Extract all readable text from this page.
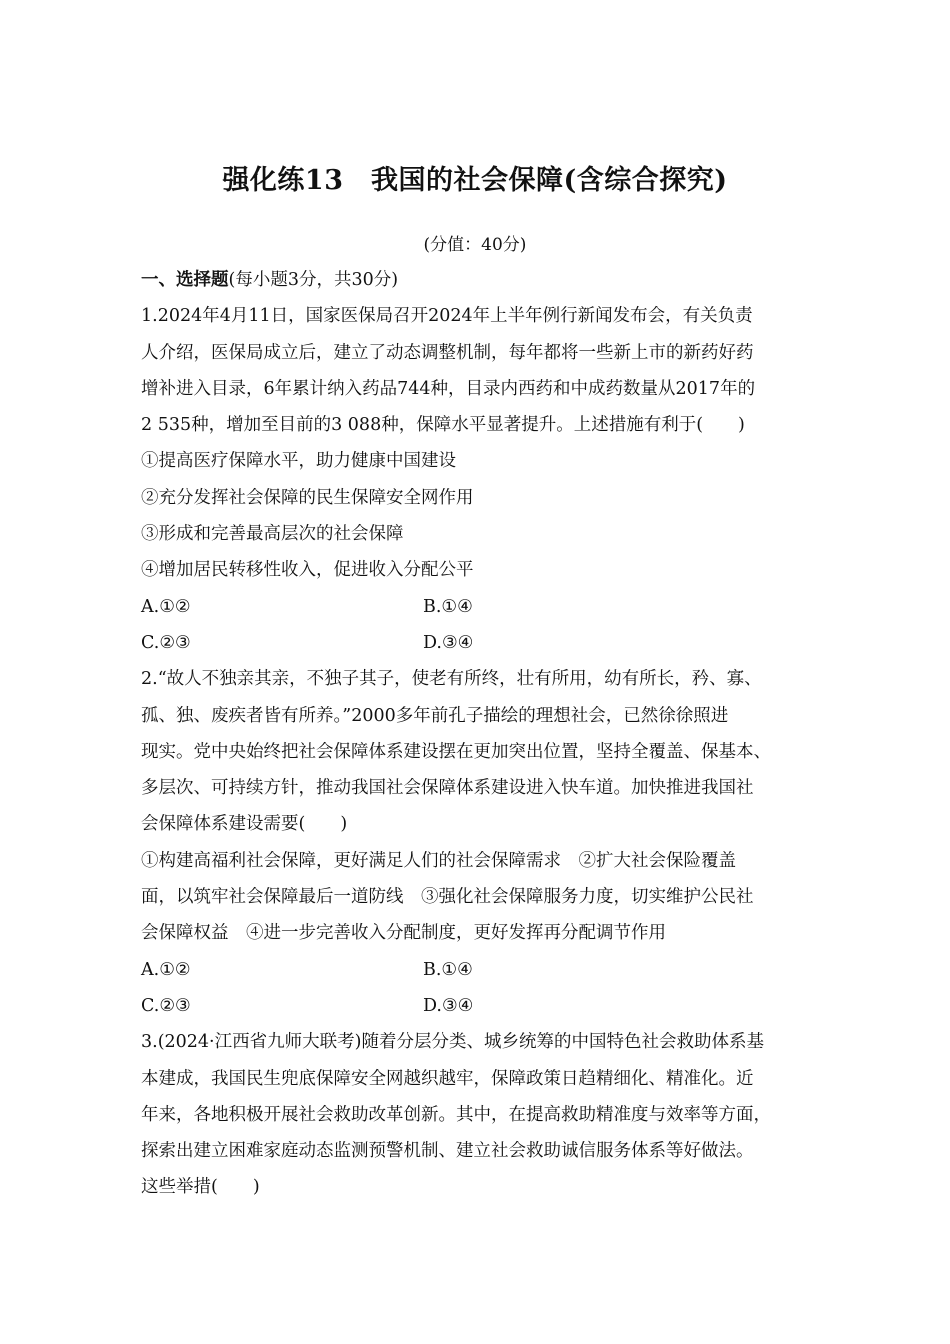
强化练13　我国的社会保障(含综合探究)
(分值：40分)
一、选择题(每小题3分，共30分)
1.2024年4月11日，国家医保局召开2024年上半年例行新闻发布会，有关负责
人介绍，医保局成立后，建立了动态调整机制，每年都将一些新上市的新药好药
增补进入目录，6年累计纳入药品744种，目录内西药和中成药数量从2017年的
2 535种，增加至目前的3 088种，保障水平显著提升。上述措施有利于(　　)
①提高医疗保障水平，助力健康中国建设
②充分发挥社会保障的民生保障安全网作用
③形成和完善最高层次的社会保障
④增加居民转移性收入，促进收入分配公平
A.①②	B.①④
C.②③	D.③④
2.“故人不独亲其亲，不独子其子，使老有所终，壮有所用，幼有所长，矜、寡、
孤、独、废疾者皆有所养。”2000多年前孔子描绘的理想社会，已然徐徐照进
现实。党中央始终把社会保障体系建设摆在更加突出位置，坚持全覆盖、保基本、
多层次、可持续方针，推动我国社会保障体系建设进入快车道。加快推进我国社
会保障体系建设需要(　　)
①构建高福利社会保障，更好满足人们的社会保障需求　②扩大社会保险覆盖
面，以筑牢社会保障最后一道防线　③强化社会保障服务力度，切实维护公民社
会保障权益　④进一步完善收入分配制度，更好发挥再分配调节作用
A.①②	B.①④
C.②③	D.③④
3.(2024·江西省九师大联考)随着分层分类、城乡统筹的中国特色社会救助体系基
本建成，我国民生兜底保障安全网越织越牢，保障政策日趋精细化、精准化。近
年来，各地积极开展社会救助改革创新。其中，在提高救助精准度与效率等方面，
探索出建立困难家庭动态监测预警机制、建立社会救助诚信服务体系等好做法。
这些举措(　　)
